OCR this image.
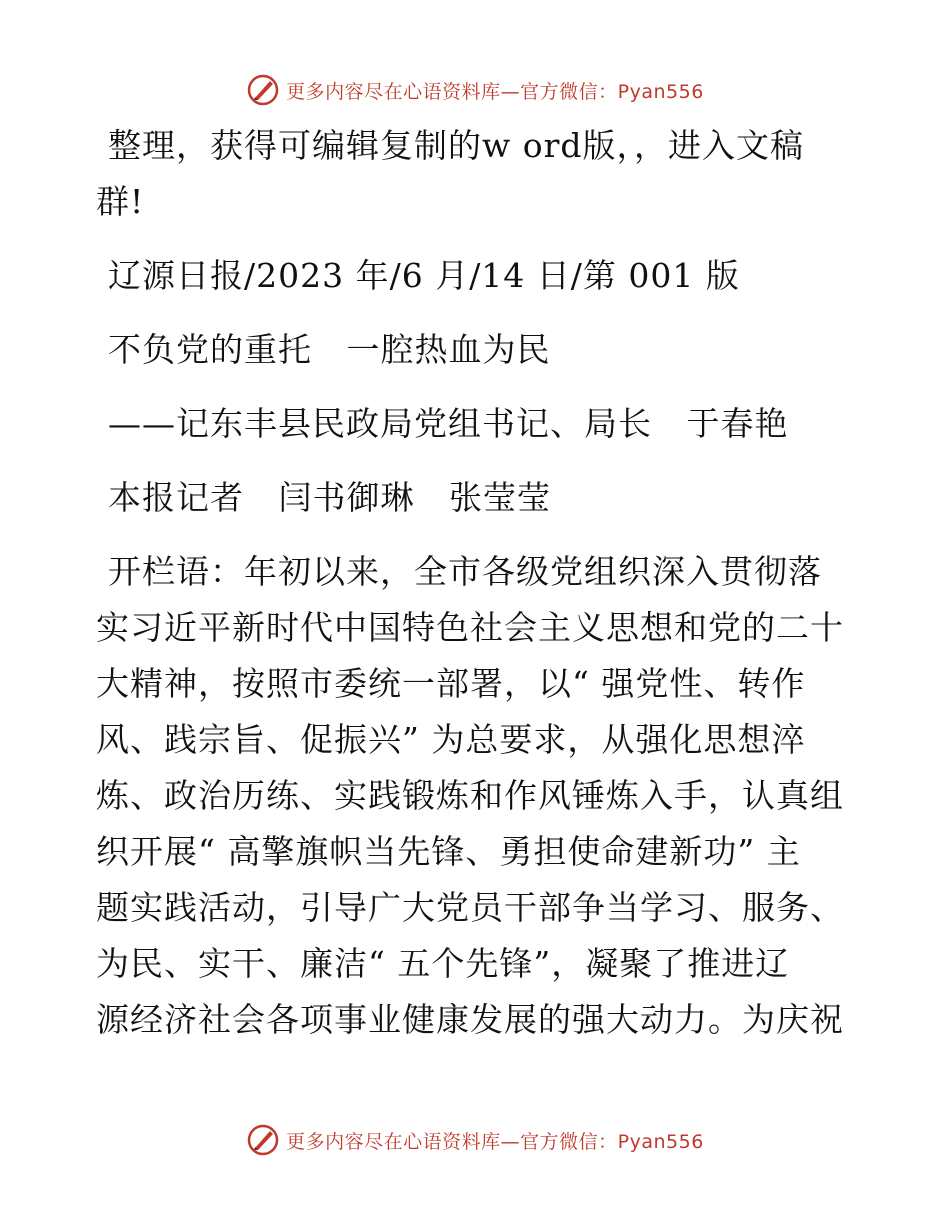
更多内容尽在心语资料库—官方微信：Pyan556

整理，获得可编辑复制的w ord版，，进入文稿

群!

辽源日报/2023 年/6 月/14 日/第 001 版

不负党的重托   一腔热血为民

——记东丰县民政局党组书记、局长   于春艳

本报记者   闫书御琳   张莹莹

开栏语：年初以来，全市各级党组织深入贯彻落

实习近平新时代中国特色社会主义思想和党的二十

大精神，按照市委统一部署，以“ 强党性、转作

风、践宗旨、促振兴” 为总要求，从强化思想淬

炼、政治历练、实践锻炼和作风锤炼入手，认真组

织开展“ 高擎旗帜当先锋、勇担使命建新功” 主

题实践活动，引导广大党员干部争当学习、服务、

为民、实干、廉洁“ 五个先锋”，凝聚了推进辽

源经济社会各项事业健康发展的强大动力。为庆祝

更多内容尽在心语资料库—官方微信：Pyan556
